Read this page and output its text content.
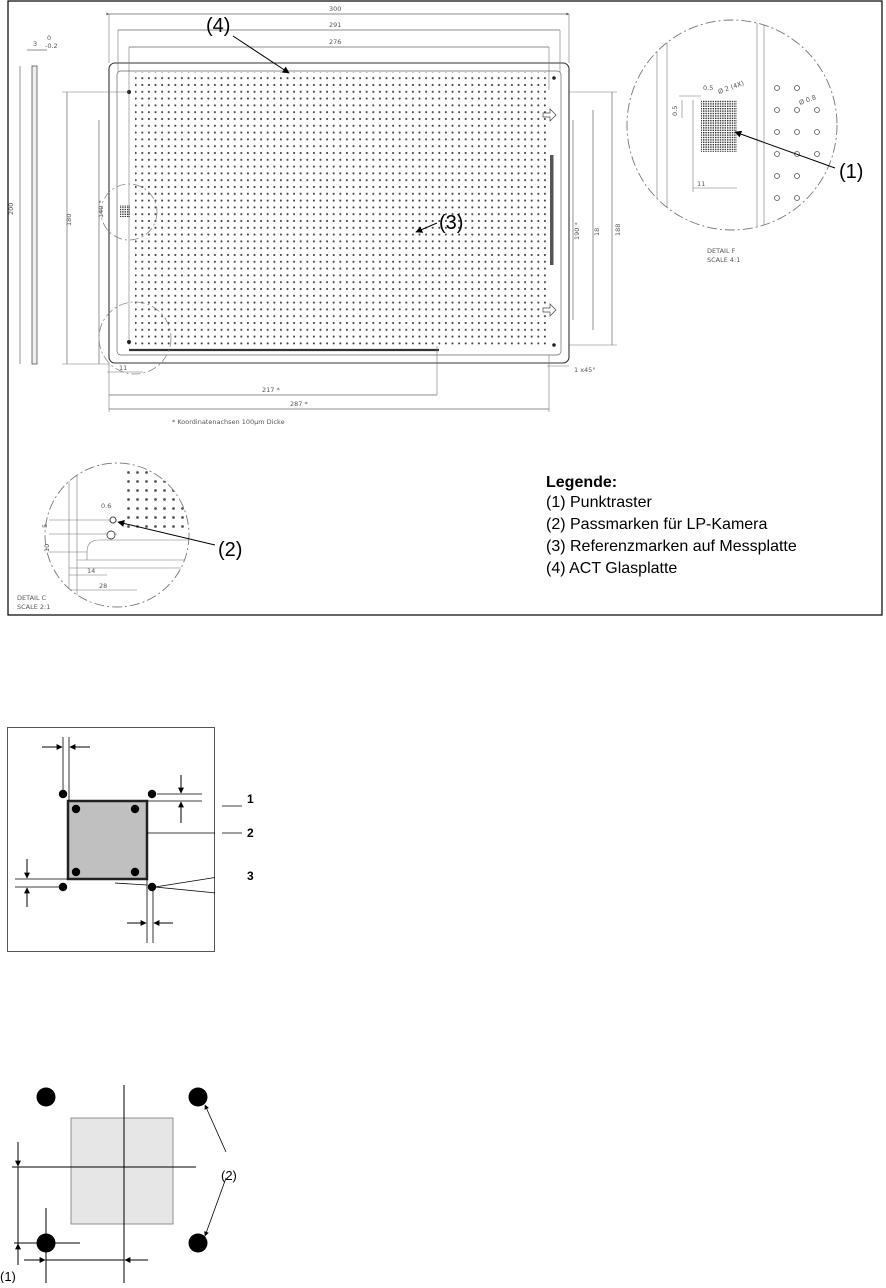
3
0
-0.2
200
300
291
276
180
140 *
188
18
190 *
1 x45°
217 *
287 *
11
* Koordinatenachsen 100μm Dicke
(4)
(3)
0.5
0.5
Ø 2 (4X)
Ø 0.8
11
DETAIL F
SCALE 4:1
(1)
0.6
5
10
14
28
DETAIL C
SCALE 2:1
(2)
Legende:
(1) Punktraster
(2) Passmarken für LP-Kamera
(3) Referenzmarken auf Messplatte
(4) ACT Glasplatte
1
2
3
(2)
(1)
